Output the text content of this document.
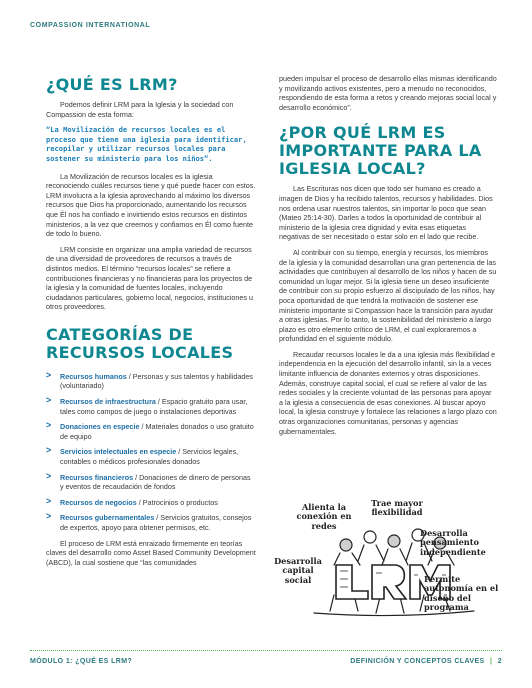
COMPASSION INTERNATIONAL
¿QUÉ ES LRM?

Podemos definir LRM para la Iglesia y la sociedad con Compassion de esta forma:

“La Movilización de recursos locales es el proceso que tiene una iglesia para identificar, recopilar y utilizar recursos locales para sostener su ministerio para los niños”.

La Movilización de recursos locales es la iglesia reconociendo cuáles recursos tiene y qué puede hacer con estos. LRM involucra a la iglesia aprovechando al máximo los diversos recursos que Dios ha proporcionado, aumentando los recursos que Él nos ha confiado e invirtiendo estos recursos en distintos ministerios, a la vez que creemos y confiamos en Él como fuente de todo lo bueno.

LRM consiste en organizar una amplia variedad de recursos de una diversidad de proveedores de recursos a través de distintos medios. El término “recursos locales” se refiere a contribuciones financieras y no financieras para los proyectos de la iglesia y la comunidad de fuentes locales, incluyendo ciudadanos particulares, gobierno local, negocios, instituciones u otros proveedores.

CATEGORÍAS DE RECURSOS LOCALES
> Recursos humanos / Personas y sus talentos y habilidades (voluntariado)
> Recursos de infraestructura / Espacio gratuito para usar, tales como campos de juego o instalaciones deportivas
> Donaciones en especie / Materiales donados o uso gratuito de equipo
> Servicios intelectuales en especie / Servicios legales, contables o médicos profesionales donados
> Recursos financieros / Donaciones de dinero de personas y eventos de recaudación de fondos
> Recursos de negocios / Patrocinios o productos
> Recursos gubernamentales / Servicios gratuitos, consejos de expertos, apoyo para obtener permisos, etc.

El proceso de LRM está enraizado firmemente en teorías claves del desarrollo como Asset Based Community Development (ABCD), la cual sostiene que “las comunidades

pueden impulsar el proceso de desarrollo ellas mismas identificando y movilizando activos existentes, pero a menudo no reconocidos, respondiendo de esta forma a retos y creando mejoras social local y desarrollo económico”.

¿POR QUÉ LRM ES IMPORTANTE PARA LA IGLESIA LOCAL?

Las Escrituras nos dicen que todo ser humano es creado a imagen de Dios y ha recibido talentos, recursos y habilidades. Dios nos ordena usar nuestros talentos, sin importar lo poco que sean (Mateo 25:14-30). Darles a todos la oportunidad de contribuir al ministerio de la iglesia crea dignidad y evita esas etiquetas negativas de ser necesitado o estar solo en el lado que recibe.

Al contribuir con su tiempo, energía y recursos, los miembros de la iglesia y la comunidad desarrollan una gran pertenencia de las actividades que contribuyen al desarrollo de los niños y hacen de su comunidad un lugar mejor. Si la iglesia tiene un deseo insuficiente de contribuir con su propio esfuerzo al discipulado de los niños, hay poca oportunidad de que tendrá la motivación de sostener ese ministerio importante si Compassion hace la transición para ayudar a otras iglesias. Por lo tanto, la sostenibilidad del ministerio a largo plazo es otro elemento crítico de LRM, el cual exploraremos a profundidad en el siguiente módulo.

Recaudar recursos locales le da a una iglesia más flexibilidad e independencia en la ejecución del desarrollo infantil, sin la a veces limitante influencia de donantes externos y otras disposiciones. Además, construye capital social, el cual se refiere al valor de las redes sociales y la creciente voluntad de las personas para apoyar a la iglesia a consecuencia de esas conexiones. Al buscar apoyo local, la iglesia construye y fortalece las relaciones a largo plazo con otras organizaciones comunitarias, personas y agencias gubernamentales.

Alienta la conexión en redes
Trae mayor flexibilidad
Desarrolla pensamiento independiente
Desarrolla capital social	Permite autonomía en el diseño del programa
MÓDULO 1: ¿QUÉ ES LRM?	DEFINICIÓN Y CONCEPTOS CLAVES | 2
